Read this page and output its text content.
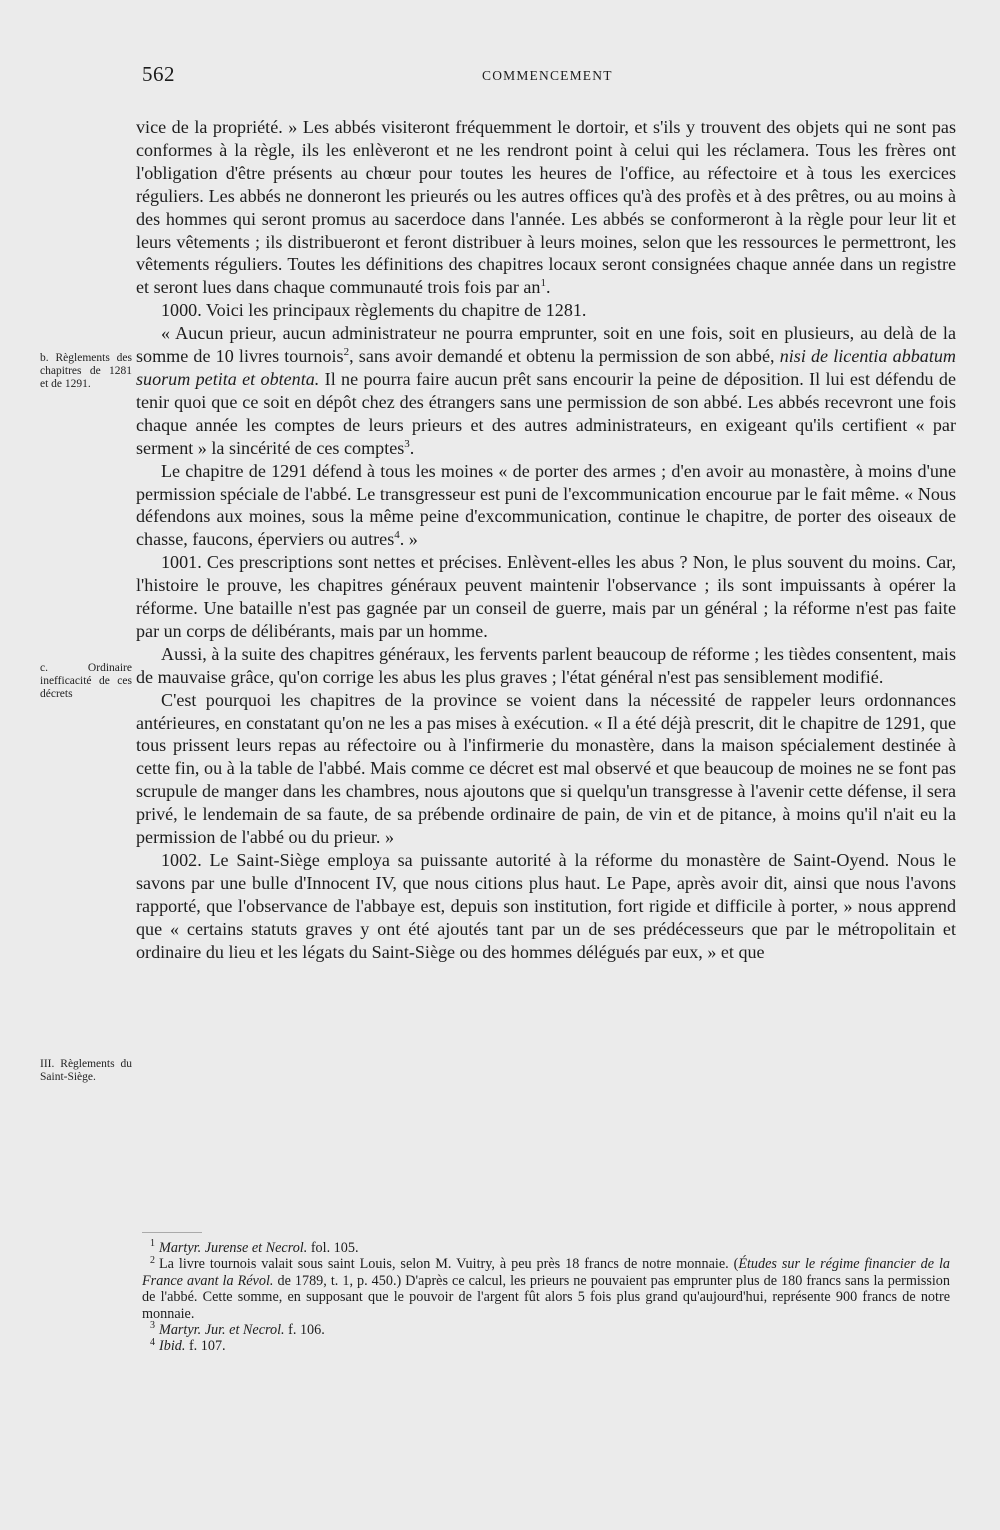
562	COMMENCEMENT
b. Règlements des chapitres de 1281 et de 1291.
c. Ordinaire inefficacité de ces décrets
III. Règlements du Saint-Siège.

vice de la propriété. » Les abbés visiteront fréquemment le dortoir, et s'ils y trouvent des objets qui ne sont pas conformes à la règle, ils les enlèveront et ne les rendront point à celui qui les réclamera. Tous les frères ont l'obligation d'être présents au chœur pour toutes les heures de l'office, au réfectoire et à tous les exercices réguliers. Les abbés ne donneront les prieurés ou les autres offices qu'à des profès et à des prêtres, ou au moins à des hommes qui seront promus au sacerdoce dans l'année. Les abbés se conformeront à la règle pour leur lit et leurs vêtements ; ils distribueront et feront distribuer à leurs moines, selon que les ressources le permettront, les vêtements réguliers. Toutes les définitions des chapitres locaux seront consignées chaque année dans un registre et seront lues dans chaque communauté trois fois par $an^1$.

1000. Voici les principaux règlements du chapitre de 1281.

« Aucun prieur, aucun administrateur ne pourra emprunter, soit en une fois, soit en plusieurs, au delà de la somme de 10 livres tournois$^2$, sans avoir demandé et obtenu la permission de son abbé, nisi de licentia abbatum suorum petita et obtenta. Il ne pourra faire aucun prêt sans encourir la peine de déposition. Il lui est défendu de tenir quoi que ce soit en dépôt chez des étrangers sans une permission de son abbé. Les abbés recevront une fois chaque année les comptes de leurs prieurs et des autres administrateurs, en exigeant qu'ils certifient « par serment » la sincérité de ces comptes$^3$.

Le chapitre de 1291 défend à tous les moines « de porter des armes ; d'en avoir au monastère, à moins d'une permission spéciale de l'abbé. Le transgresseur est puni de l'excommunication encourue par le fait même. « Nous défendons aux moines, sous la même peine d'excommunication, continue le chapitre, de porter des oiseaux de chasse, faucons, éperviers ou autres$^4$. »

1001. Ces prescriptions sont nettes et précises. Enlèvent-elles les abus ? Non, le plus souvent du moins. Car, l'histoire le prouve, les chapitres généraux peuvent maintenir l'observance ; ils sont impuissants à opérer la réforme. Une bataille n'est pas gagnée par un conseil de guerre, mais par un général ; la réforme n'est pas faite par un corps de délibérants, mais par un homme.

Aussi, à la suite des chapitres généraux, les fervents parlent beaucoup de réforme ; les tièdes consentent, mais de mauvaise grâce, qu'on corrige les abus les plus graves ; l'état général n'est pas sensiblement modifié.

C'est pourquoi les chapitres de la province se voient dans la nécessité de rappeler leurs ordonnances antérieures, en constatant qu'on ne les a pas mises à exécution. « Il a été déjà prescrit, dit le chapitre de 1291, que tous prissent leurs repas au réfectoire ou à l'infirmerie du monastère, dans la maison spécialement destinée à cette fin, ou à la table de l'abbé. Mais comme ce décret est mal observé et que beaucoup de moines ne se font pas scrupule de manger dans les chambres, nous ajoutons que si quelqu'un transgresse à l'avenir cette défense, il sera privé, le lendemain de sa faute, de sa prébende ordinaire de pain, de vin et de pitance, à moins qu'il n'ait eu la permission de l'abbé ou du prieur. »

1002. Le Saint-Siège employa sa puissante autorité à la réforme du monastère de Saint-Oyend. Nous le savons par une bulle d'Innocent IV, que nous citions plus haut. Le Pape, après avoir dit, ainsi que nous l'avons rapporté, que l'observance de l'abbaye est, depuis son institution, fort rigide et difficile à porter, » nous apprend que « certains statuts graves y ont été ajoutés tant par un de ses prédécesseurs que par le métropolitain et ordinaire du lieu et les légats du Saint-Siège ou des hommes délégués par eux, » et que

$^1$ Martyr. Jurense et Necrol. fol. 105.

$^2$ La livre tournois valait sous saint Louis, selon M. Vuitry, à peu près 18 francs de notre monnaie. (Études sur le régime financier de la France avant la Révol. de 1789, t. 1, p. 450.) D'après ce calcul, les prieurs ne pouvaient pas emprunter plus de 180 francs sans la permission de l'abbé. Cette somme, en supposant que le pouvoir de l'argent fût alors 5 fois plus grand qu'aujourd'hui, représente 900 francs de notre monnaie.

$^3$ Martyr. Jur. et Necrol. f. 106.

$^4$ Ibid. f. 107.
